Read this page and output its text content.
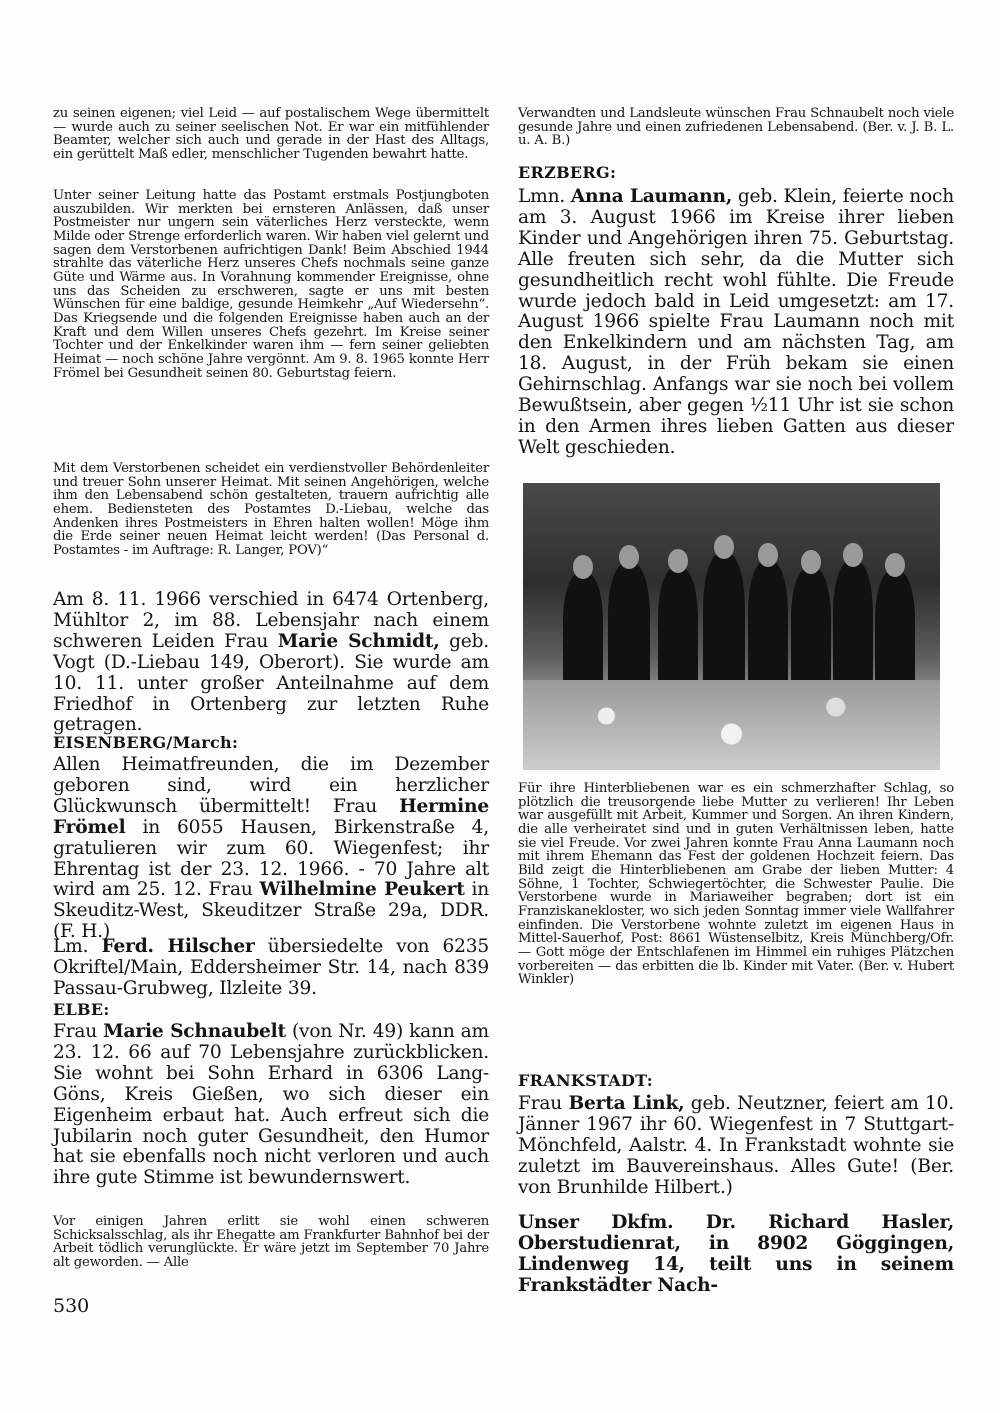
zu seinen eigenen; viel Leid — auf postalischem Wege übermittelt — wurde auch zu seiner seelischen Not. Er war ein mitfühlender Beamter, welcher sich auch und gerade in der Hast des Alltags, ein gerüttelt Maß edler, menschlicher Tugenden bewahrt hatte.

Unter seiner Leitung hatte das Postamt erstmals Postjungboten auszubilden. Wir merkten bei ernsteren Anlässen, daß unser Postmeister nur ungern sein väterliches Herz versteckte, wenn Milde oder Strenge erforderlich waren. Wir haben viel gelernt und sagen dem Verstorbenen aufrichtigen Dank! Beim Abschied 1944 strahlte das väterliche Herz unseres Chefs nochmals seine ganze Güte und Wärme aus. In Vorahnung kommender Ereignisse, ohne uns das Scheiden zu erschweren, sagte er uns mit besten Wünschen für eine baldige, gesunde Heimkehr „Auf Wiedersehn“. Das Kriegsende und die folgenden Ereignisse haben auch an der Kraft und dem Willen unseres Chefs gezehrt. Im Kreise seiner Tochter und der Enkelkinder waren ihm — fern seiner geliebten Heimat — noch schöne Jahre vergönnt. Am 9. 8. 1965 konnte Herr Frömel bei Gesundheit seinen 80. Geburtstag feiern.

Mit dem Verstorbenen scheidet ein verdienstvoller Behördenleiter und treuer Sohn unserer Heimat. Mit seinen Angehörigen, welche ihm den Lebensabend schön gestalteten, trauern aufrichtig alle ehem. Bediensteten des Postamtes D.-Liebau, welche das Andenken ihres Postmeisters in Ehren halten wollen! Möge ihm die Erde seiner neuen Heimat leicht werden! (Das Personal d. Postamtes - im Auftrage: R. Langer, POV)“

Am 8. 11. 1966 verschied in 6474 Ortenberg, Mühltor 2, im 88. Lebensjahr nach einem schweren Leiden Frau Marie Schmidt, geb. Vogt (D.-Liebau 149, Oberort). Sie wurde am 10. 11. unter großer Anteilnahme auf dem Friedhof in Ortenberg zur letzten Ruhe getragen.

EISENBERG/March:

Allen Heimatfreunden, die im Dezember geboren sind, wird ein herzlicher Glückwunsch übermittelt! Frau Hermine Frömel in 6055 Hausen, Birkenstraße 4, gratulieren wir zum 60. Wiegenfest; ihr Ehrentag ist der 23. 12. 1966. - 70 Jahre alt wird am 25. 12. Frau Wilhelmine Peukert in Skeuditz-West, Skeuditzer Straße 29a, DDR. (F. H.)

Lm. Ferd. Hilscher übersiedelte von 6235 Okriftel/Main, Eddersheimer Str. 14, nach 839 Passau-Grubweg, Ilzleite 39.

ELBE:

Frau Marie Schnaubelt (von Nr. 49) kann am 23. 12. 66 auf 70 Lebensjahre zurückblicken. Sie wohnt bei Sohn Erhard in 6306 Lang-Göns, Kreis Gießen, wo sich dieser ein Eigenheim erbaut hat. Auch erfreut sich die Jubilarin noch guter Gesundheit, den Humor hat sie ebenfalls noch nicht verloren und auch ihre gute Stimme ist bewundernswert.

Vor einigen Jahren erlitt sie wohl einen schweren Schicksalsschlag, als ihr Ehegatte am Frankfurter Bahnhof bei der Arbeit tödlich verunglückte. Er wäre jetzt im September 70 Jahre alt geworden. — Alle

530

Verwandten und Landsleute wünschen Frau Schnaubelt noch viele gesunde Jahre und einen zufriedenen Lebensabend. (Ber. v. J. B. L. u. A. B.)

ERZBERG:

Lmn. Anna Laumann, geb. Klein, feierte noch am 3. August 1966 im Kreise ihrer lieben Kinder und Angehörigen ihren 75. Geburtstag. Alle freuten sich sehr, da die Mutter sich gesundheitlich recht wohl fühlte. Die Freude wurde jedoch bald in Leid umgesetzt: am 17. August 1966 spielte Frau Laumann noch mit den Enkelkindern und am nächsten Tag, am 18. August, in der Früh bekam sie einen Gehirnschlag. Anfangs war sie noch bei vollem Bewußtsein, aber gegen ½11 Uhr ist sie schon in den Armen ihres lieben Gatten aus dieser Welt geschieden.

Für ihre Hinterbliebenen war es ein schmerzhafter Schlag, so plötzlich die treusorgende liebe Mutter zu verlieren! Ihr Leben war ausgefüllt mit Arbeit, Kummer und Sorgen. An ihren Kindern, die alle verheiratet sind und in guten Verhältnissen leben, hatte sie viel Freude. Vor zwei Jahren konnte Frau Anna Laumann noch mit ihrem Ehemann das Fest der goldenen Hochzeit feiern. Das Bild zeigt die Hinterbliebenen am Grabe der lieben Mutter: 4 Söhne, 1 Tochter, Schwiegertöchter, die Schwester Paulie. Die Verstorbene wurde in Mariaweiher begraben; dort ist ein Franziskanekloster, wo sich jeden Sonntag immer viele Wallfahrer einfinden. Die Verstorbene wohnte zuletzt im eigenen Haus in Mittel-Sauerhof, Post: 8661 Wüstenselbitz, Kreis Münchberg/Ofr. — Gott möge der Entschlafenen im Himmel ein ruhiges Plätzchen vorbereiten — das erbitten die lb. Kinder mit Vater. (Ber. v. Hubert Winkler)

FRANKSTADT:

Frau Berta Link, geb. Neutzner, feiert am 10. Jänner 1967 ihr 60. Wiegenfest in 7 Stuttgart-Mönchfeld, Aalstr. 4. In Frankstadt wohnte sie zuletzt im Bauvereinshaus. Alles Gute! (Ber. von Brunhilde Hilbert.)

Unser Dkfm. Dr. Richard Hasler, Oberstudienrat, in 8902 Göggingen, Lindenweg 14, teilt uns in seinem Frankstädter Nach-
